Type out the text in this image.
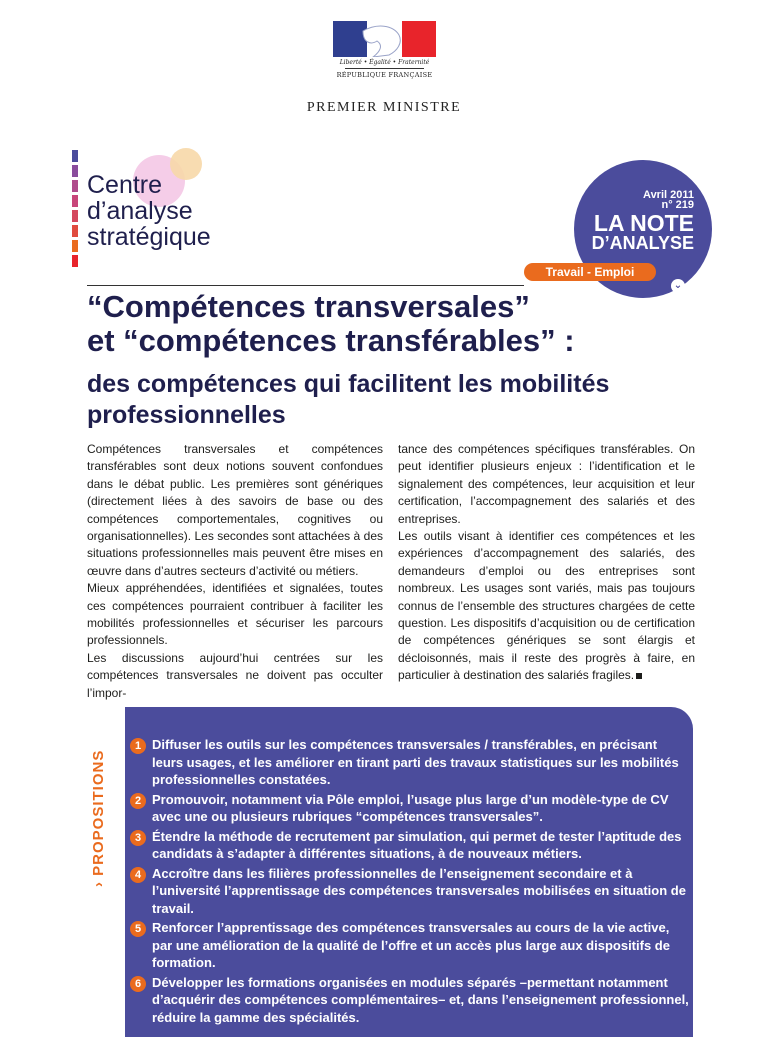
Liberté • Égalité • Fraternité
RÉPUBLIQUE FRANÇAISE
PREMIER MINISTRE
Centre
d’analyse
stratégique
Avril 2011
n° 219
LA NOTE
D’ANALYSE
Travail - Emploi
⌄
“Compétences transversales”
et “compétences transférables” :
des compétences qui facilitent les mobilités
professionnelles

Compétences transversales et compétences transférables sont deux notions souvent confondues dans le débat public. Les premières sont génériques (directement liées à des savoirs de base ou des compétences comportementales, cognitives ou organisationnelles). Les secondes sont attachées à des situations professionnelles mais peuvent être mises en œuvre dans d’autres secteurs d’activité ou métiers.

Mieux appréhendées, identifiées et signalées, toutes ces compétences pourraient contribuer à faciliter les mobilités professionnelles et sécuriser les parcours professionnels.

Les discussions aujourd’hui centrées sur les compétences transversales ne doivent pas occulter l’impor-

tance des compétences spécifiques transférables. On peut identifier plusieurs enjeux : l’identification et le signalement des compétences, leur acquisition et leur certification, l’accompagnement des salariés et des entreprises.

Les outils visant à identifier ces compétences et les expériences d’accompagnement des salariés, des demandeurs d’emploi ou des entreprises sont nombreux. Les usages sont variés, mais pas toujours connus de l’ensemble des structures chargées de cette question. Les dispositifs d’acquisition ou de certification de compétences génériques se sont élargis et décloisonnés, mais il reste des progrès à faire, en particulier à destination des salariés fragiles.

› PROPOSITIONS
1 Diffuser les outils sur les compétences transversales / transférables, en précisant leurs usages, et les améliorer en tirant parti des travaux statistiques sur les mobilités professionnelles constatées.
2 Promouvoir, notamment via Pôle emploi, l’usage plus large d’un modèle-type de CV avec une ou plusieurs rubriques “compétences transversales”.
3 Étendre la méthode de recrutement par simulation, qui permet de tester l’aptitude des candidats à s’adapter à différentes situations, à de nouveaux métiers.
4 Accroître dans les filières professionnelles de l’enseignement secondaire et à l’université l’apprentissage des compétences transversales mobilisées en situation de travail.
5 Renforcer l’apprentissage des compétences transversales au cours de la vie active, par une amélioration de la qualité de l’offre et un accès plus large aux dispositifs de formation.
6 Développer les formations organisées en modules séparés –permettant notamment d’acquérir des compétences complémentaires– et, dans l’enseignement professionnel, réduire la gamme des spécialités.
